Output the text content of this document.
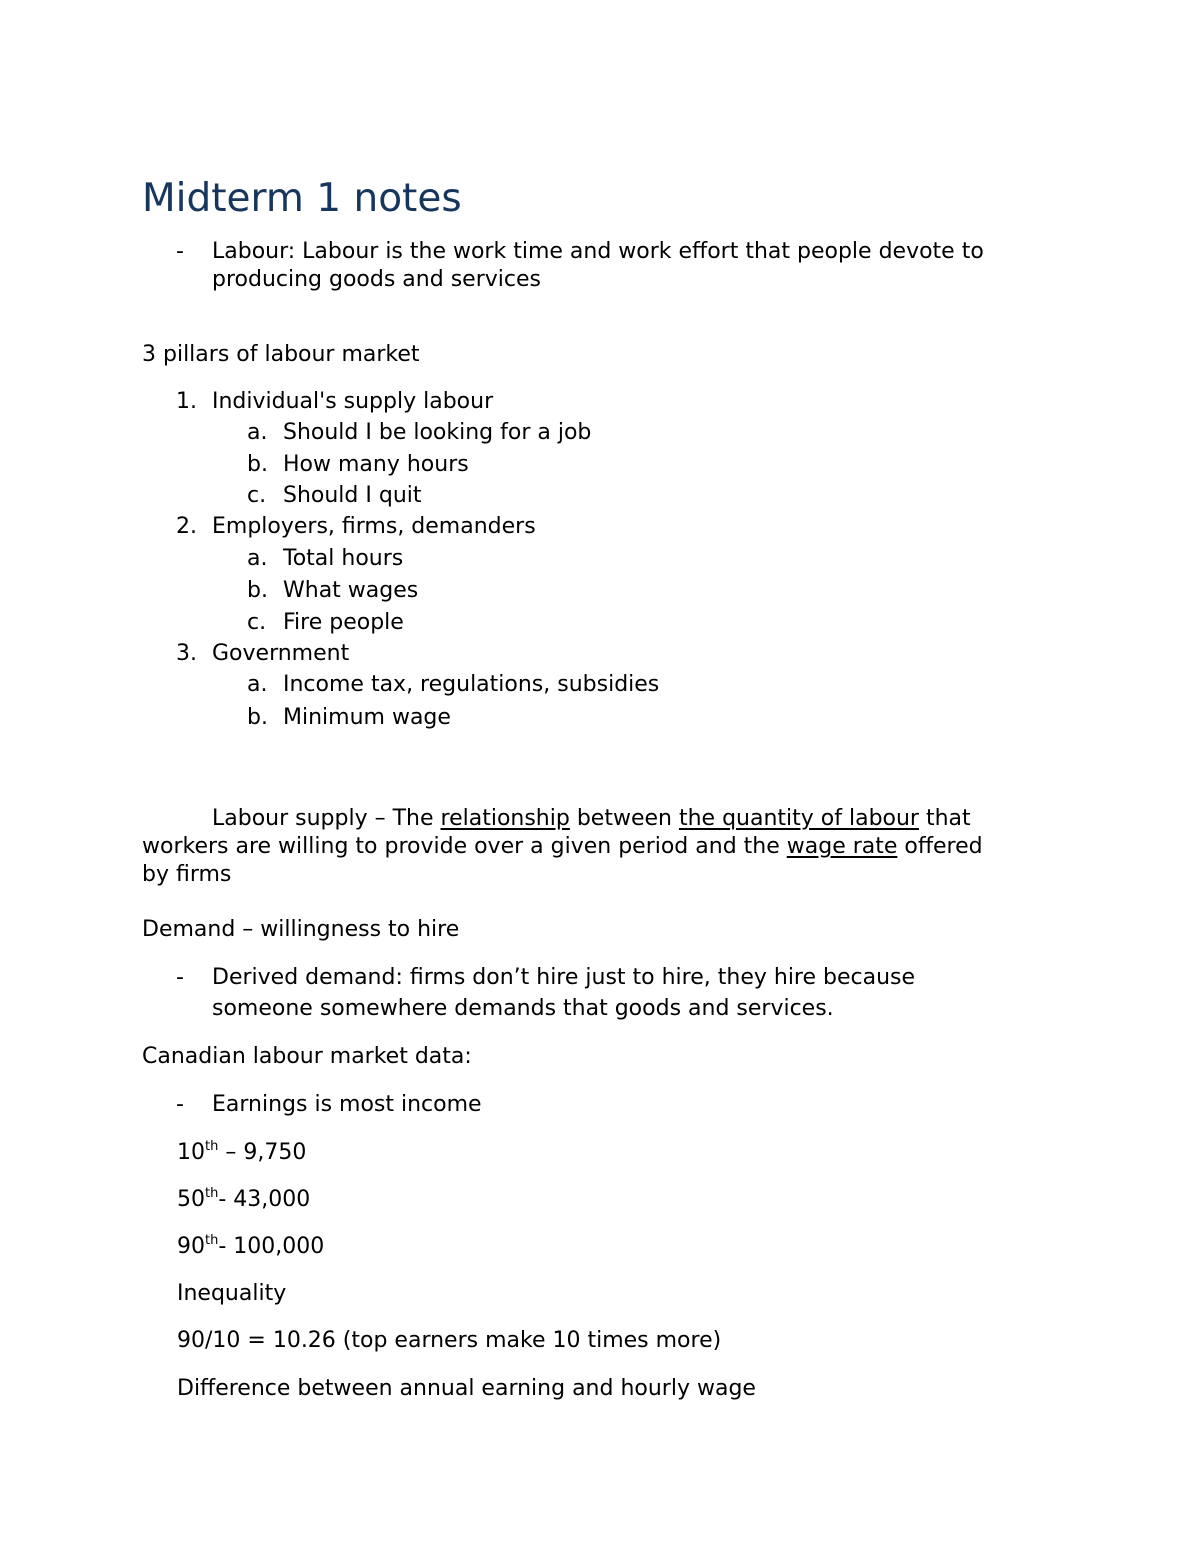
Midterm 1 notes
- Labour: Labour is the work time and work effort that people devote to
producing goods and services
3 pillars of labour market
1. Individual's supply labour
a. Should I be looking for a job
b. How many hours
c. Should I quit
2. Employers, firms, demanders
a. Total hours
b. What wages
c. Fire people
3. Government
a. Income tax, regulations, subsidies
b. Minimum wage
Labour supply – The relationship between the quantity of labour that
workers are willing to provide over a given period and the wage rate offered
by firms
Demand – willingness to hire
- Derived demand: firms don’t hire just to hire, they hire because
someone somewhere demands that goods and services.
Canadian labour market data:
- Earnings is most income
10th – 9,750
50th- 43,000
90th- 100,000
Inequality
90/10 = 10.26 (top earners make 10 times more)
Difference between annual earning and hourly wage
